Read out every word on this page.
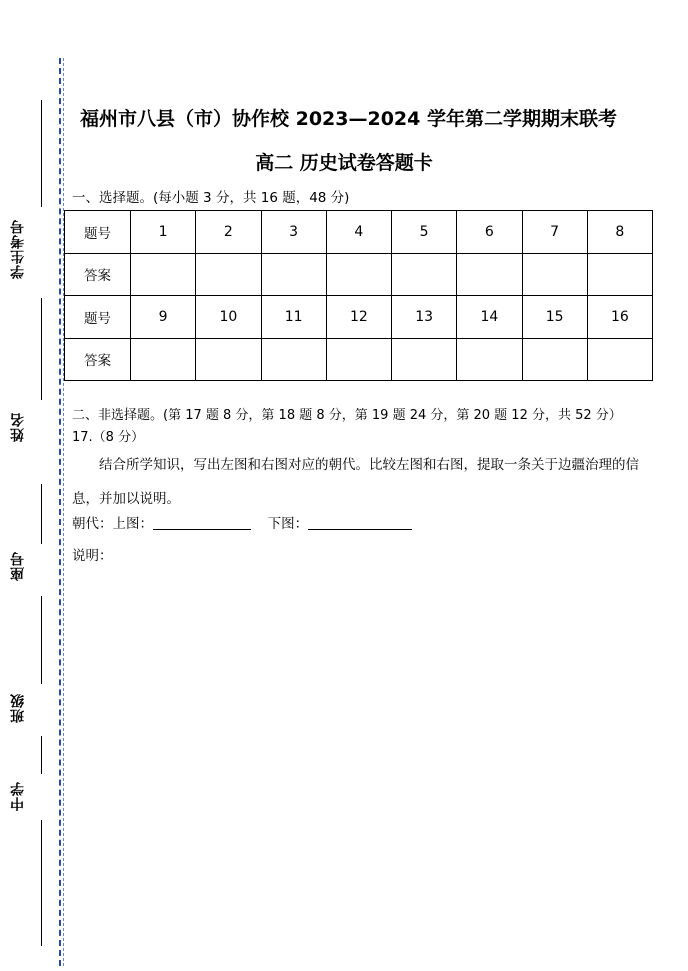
学生考号
姓名
座号
班级
中学
福州市八县（市）协作校 2023—2024 学年第二学期期末联考
高二 历史试卷答题卡
一、选择题。(每小题 3 分，共 16 题，48 分)
题号	1	2	3	4	5	6	7	8
答案								
题号	9	10	11	12	13	14	15	16
答案								
二、非选择题。(第 17 题 8 分，第 18 题 8 分，第 19 题 24 分，第 20 题 12 分，共 52 分）
17.（8 分）
结合所学知识，写出左图和右图对应的朝代。比较左图和右图，提取一条关于边疆治理的信息，并加以说明。
朝代：上图：	下图：
说明：
